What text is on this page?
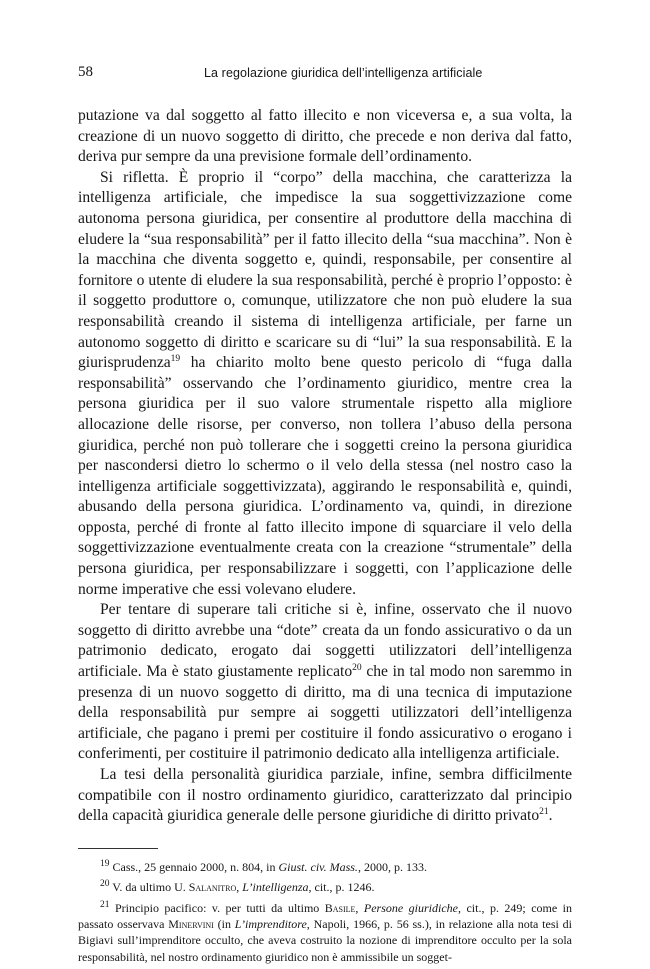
58	La regolazione giuridica dell’intelligenza artificiale

putazione va dal soggetto al fatto illecito e non viceversa e, a sua volta, la creazione di un nuovo soggetto di diritto, che precede e non deriva dal fatto, deriva pur sempre da una previsione formale dell’ordinamento.

Si rifletta. È proprio il “corpo” della macchina, che caratterizza la intelligenza artificiale, che impedisce la sua soggettivizzazione come autonoma persona giuridica, per consentire al produttore della macchina di eludere la “sua responsabilità” per il fatto illecito della “sua macchina”. Non è la macchina che diventa soggetto e, quindi, responsabile, per consentire al fornitore o utente di eludere la sua responsabilità, perché è proprio l’opposto: è il soggetto produttore o, comunque, utilizzatore che non può eludere la sua responsabilità creando il sistema di intelligenza artificiale, per farne un autonomo soggetto di diritto e scaricare su di “lui” la sua responsabilità. E la giurisprudenza$^{19}$ ha chiarito molto bene questo pericolo di “fuga dalla responsabilità” osservando che l’ordinamento giuridico, mentre crea la persona giuridica per il suo valore strumentale rispetto alla migliore allocazione delle risorse, per converso, non tollera l’abuso della persona giuridica, perché non può tollerare che i soggetti creino la persona giuridica per nascondersi dietro lo schermo o il velo della stessa (nel nostro caso la intelligenza artificiale soggettivizzata), aggirando le responsabilità e, quindi, abusando della persona giuridica. L’ordinamento va, quindi, in direzione opposta, perché di fronte al fatto illecito impone di squarciare il velo della soggettivizzazione eventualmente creata con la creazione “strumentale” della persona giuridica, per responsabilizzare i soggetti, con l’applicazione delle norme imperative che essi volevano eludere.

Per tentare di superare tali critiche si è, infine, osservato che il nuovo soggetto di diritto avrebbe una “dote” creata da un fondo assicurativo o da un patrimonio dedicato, erogato dai soggetti utilizzatori dell’intelligenza artificiale. Ma è stato giustamente replicato$^{20}$ che in tal modo non saremmo in presenza di un nuovo soggetto di diritto, ma di una tecnica di imputazione della responsabilità pur sempre ai soggetti utilizzatori dell’intelligenza artificiale, che pagano i premi per costituire il fondo assicurativo o erogano i conferimenti, per costituire il patrimonio dedicato alla intelligenza artificiale.

La tesi della personalità giuridica parziale, infine, sembra difficilmente compatibile con il nostro ordinamento giuridico, caratterizzato dal principio della capacità giuridica generale delle persone giuridiche di diritto privato$^{21}$.

$^{19}$ Cass., 25 gennaio 2000, n. 804, in Giust. civ. Mass., 2000, p. 133.

$^{20}$ V. da ultimo U. Salanitro, L’intelligenza, cit., p. 1246.

$^{21}$ Principio pacifico: v. per tutti da ultimo Basile, Persone giuridiche, cit., p. 249; come in passato osservava Minervini (in L’imprenditore, Napoli, 1966, p. 56 ss.), in relazione alla nota tesi di Bigiavi sull’imprenditore occulto, che aveva costruito la nozione di imprenditore occulto per la sola responsabilità, nel nostro ordinamento giuridico non è ammissibile un sogget-
